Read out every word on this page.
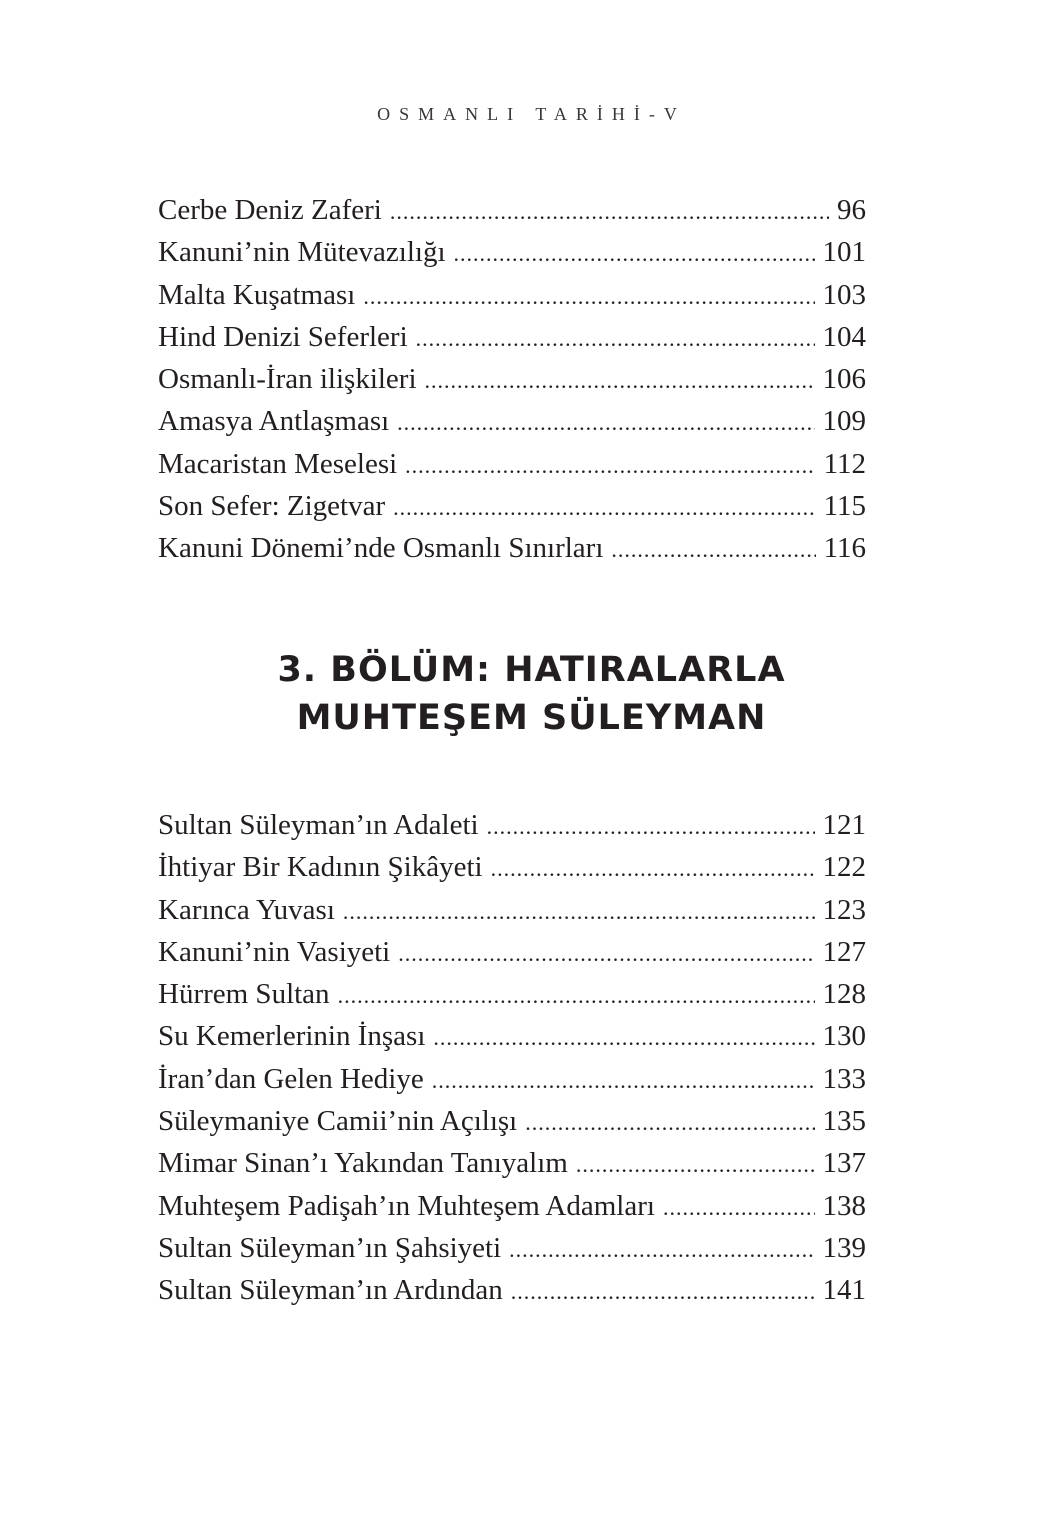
OSMANLI TARİHİ-V
Cerbe Deniz Zaferi .....	96
Kanuni’nin Mütevazılığı .....	101
Malta Kuşatması .....	103
Hind Denizi Seferleri .....	104
Osmanlı-İran ilişkileri .....	106
Amasya Antlaşması .....	109
Macaristan Meselesi .....	112
Son Sefer: Zigetvar .....	115
Kanuni Dönemi’nde Osmanlı Sınırları .....	116
3. BÖLÜM: HATIRALARLA
MUHTEŞEM SÜLEYMAN
Sultan Süleyman’ın Adaleti .....	121
İhtiyar Bir Kadının Şikâyeti .....	122
Karınca Yuvası .....	123
Kanuni’nin Vasiyeti .....	127
Hürrem Sultan .....	128
Su Kemerlerinin İnşası .....	130
İran’dan Gelen Hediye .....	133
Süleymaniye Camii’nin Açılışı .....	135
Mimar Sinan’ı Yakından Tanıyalım .....	137
Muhteşem Padişah’ın Muhteşem Adamları .....	138
Sultan Süleyman’ın Şahsiyeti .....	139
Sultan Süleyman’ın Ardından .....	141
